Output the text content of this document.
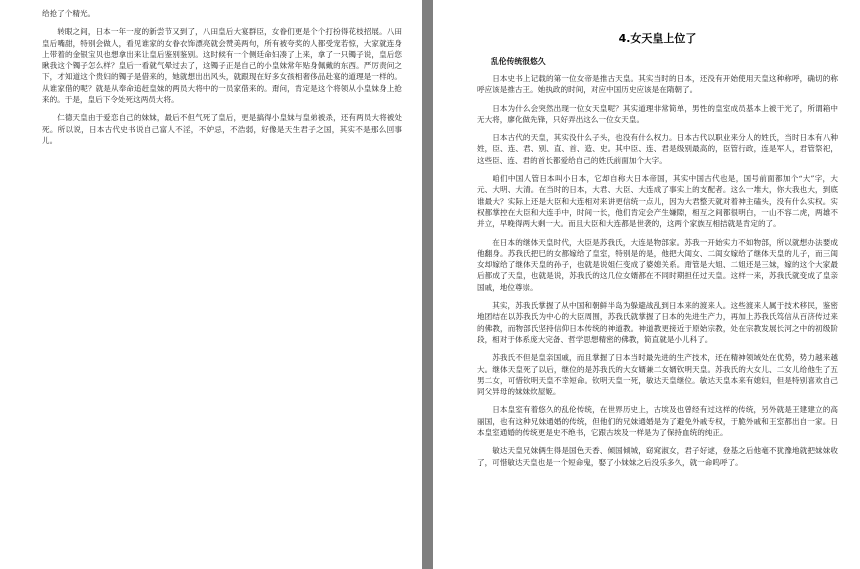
给抢了个精光。

转眼之间，日本一年一度的新尝节又到了，八田皇后大宴群臣，女眷们更是个个打扮得花枝招展。八田皇后嘴甜，特别会做人，看见谁家的女眷衣饰漂亮就会赞美两句，所有被夸奖的人都受宠若惊，大家就连身上带着的金银宝贝也想拿出来让皇后鉴别鉴别。这时候有一个侧廷命妇凑了上来，拿了一只镯子说，皇后您瞅我这个镯子怎么样？皇后一看就气晕过去了，这镯子正是自己的小皇妹常年贴身佩戴的东西。严厉责问之下，才知道这个贵妇的镯子是借来的，她就想出出风头，就跟现在好多女孩相奢侈品赴宴的道理是一样的。从谁家借的呢？就是从奉命追赶皇妹的两员大将中的一员家借来的。甭问，肯定是这个将领从小皇妹身上抢来的。于是，皇后下令处死这两员大将。

仁德天皇由于爱恋自己的妹妹，最后不但气死了皇后，更是搞得小皇妹与皇弟被杀，还有两员大将被处死。所以说，日本古代史书说自己富人不淫，不妒忌，不浩弱，好像是天生君子之国，其实不是那么回事儿。

4.女天皇上位了
乱伦传统很悠久

日本史书上记载的第一位女帝是推古天皇。其实当时的日本，还没有开始使用天皇这种称呼，确切的称呼应该是推古王。她执政的时间，对应中国历史应该是在隋朝了。

日本为什么会突然出现一位女天皇呢？其实道理非常简单，男性的皇室成员基本上被干光了，所谓箱中无大将，廖化做先锋，只好弄出这么一位女天皇。

日本古代的天皇，其实没什么子头，也没有什么权力。日本古代以职业来分人的姓氏，当时日本有八种姓，臣、连、君、别、直、首、造、史。其中臣、连、君是级别最高的，臣管行政，连是军人，君管祭祀，这些臣、连、君的首长都爱给自己的姓氏前面加个大字。

咱们中国人管日本叫小日本，它却自称大日本帝国，其实中国古代也是，国号前面都加个“大”字，大元、大明、大清。在当时的日本，大君、大臣、大连成了事实上的支配者。这么一堆大，你大我也大，到底谁最大？实际上还是大臣和大连相对来讲更信统一点儿，因为大君整天就对着神主磕头，没有什么实权。实权都掌控在大臣和大连手中，时间一长，他们肯定会产生嫌隙，相互之间都很明白，一山不容二虎，两雄不并立，早晚得两大剩一大。而且大臣和大连都是世袭的，这两个家族互相拮就是肯定的了。

在日本的继体天皇时代，大臣是苏我氏，大连是物部家。苏我一开始实力不如物部，所以就想办法要成他翻身。苏我氏把巳的女都嫁给了皇室，特别是的是，他把大闺女、二闺女嫁给了继体天皇的儿子，而三闺女却嫁给了继体天皇的孙子，也就是说姐仨变成了婆媳关系。甭管是大姐、二姐还是三妹，嫁的这个大家最后都成了天皇，也就是说，苏我氏的这几位女婿都在不同时期担任过天皇。这样一来，苏我氏就变成了皇亲国戚，地位尊崇。

其实，苏我氏掌握了从中国和朝鲜半岛为躲避战乱到日本来的渡来人。这些渡来人属于技术移民，鉴密地团结在以苏我氏为中心的大臣周围，苏我氏就掌握了日本的先进生产力，再加上苏我氏笃信从百济传过来的佛教，而物部氏坚持信仰日本传统的神道教。神道教更接近于原始宗教，处在宗教发展长河之中的初级阶段，相对于体系庞大完备、哲学思想精密的佛教，简直就是小儿科了。

苏我氏不但是皇亲国戚，而且掌握了日本当时最先进的生产技术，还在精神领域处在优势，势力越来越大。继体天皇死了以后，继位的是苏我氏的大女婿兼二女婿钦明天皇。苏我氏的大女儿、二女儿给他生了五男二女，可惜钦明天皇不幸短命。钦明天皇一死，敏达天皇继位。敏达天皇本来有媳妇，但是特别喜欢自己同父异母的妹妹炊屋姬。

日本皇室有着悠久的乱伦传统，在世界历史上，古埃及也曾经有过这样的传统，另外就是王建建立的高丽国，也有这种兄妹通婚的传统，但他们的兄妹通婚是为了避免外戚专权，于脆外戚和王室都出自一家。日本皇室通婚的传统更是史不绝书，它跟古埃及一样是为了保持血统的纯正。

敏达天皇兄妹俩生得是国色天香、倾国倾城，窈窕淑女，君子好逑，登基之后他毫不犹豫地就把妹妹收了，可惜敏达天皇也是一个短命鬼，娶了小妹妹之后没乐多久，就一命呜呼了。
